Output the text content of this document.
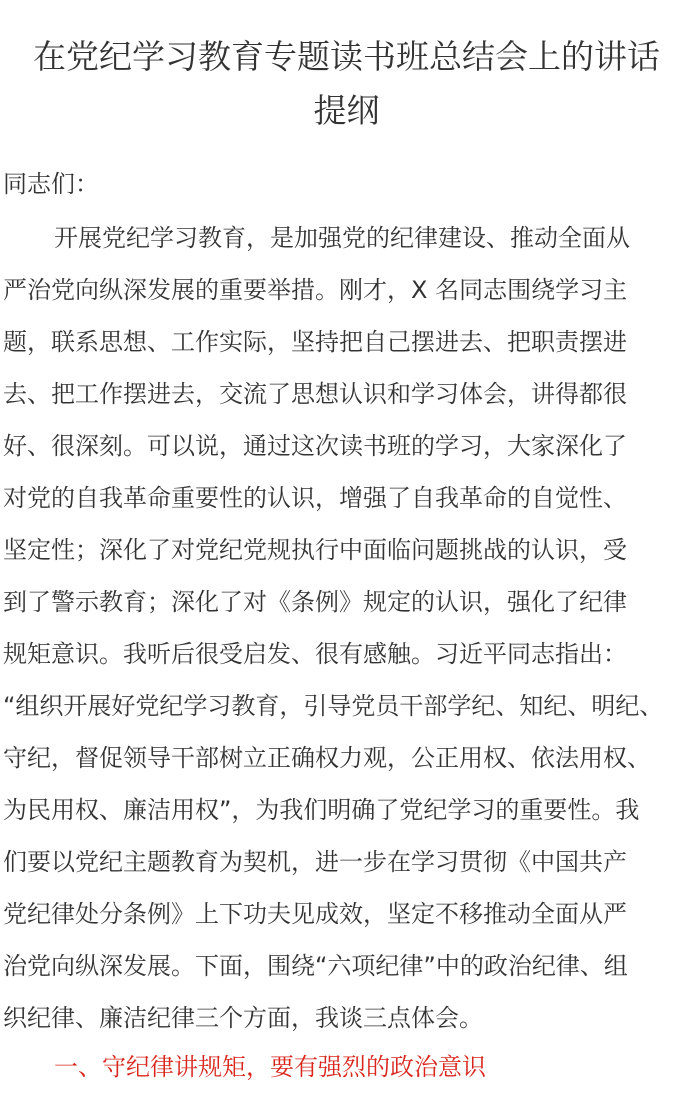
在党纪学习教育专题读书班总结会上的讲话
提纲

同志们：

开展党纪学习教育，是加强党的纪律建设、推动全面从
严治党向纵深发展的重要举措。刚才，X 名同志围绕学习主
题，联系思想、工作实际，坚持把自己摆进去、把职责摆进
去、把工作摆进去，交流了思想认识和学习体会，讲得都很
好、很深刻。可以说，通过这次读书班的学习，大家深化了
对党的自我革命重要性的认识，增强了自我革命的自觉性、
坚定性；深化了对党纪党规执行中面临问题挑战的认识，受
到了警示教育；深化了对《条例》规定的认识，强化了纪律
规矩意识。我听后很受启发、很有感触。习近平同志指出：
“组织开展好党纪学习教育，引导党员干部学纪、知纪、明纪、
守纪，督促领导干部树立正确权力观，公正用权、依法用权、
为民用权、廉洁用权”，为我们明确了党纪学习的重要性。我
们要以党纪主题教育为契机，进一步在学习贯彻《中国共产
党纪律处分条例》上下功夫见成效，坚定不移推动全面从严
治党向纵深发展。下面，围绕“六项纪律”中的政治纪律、组
织纪律、廉洁纪律三个方面，我谈三点体会。

一、守纪律讲规矩，要有强烈的政治意识
